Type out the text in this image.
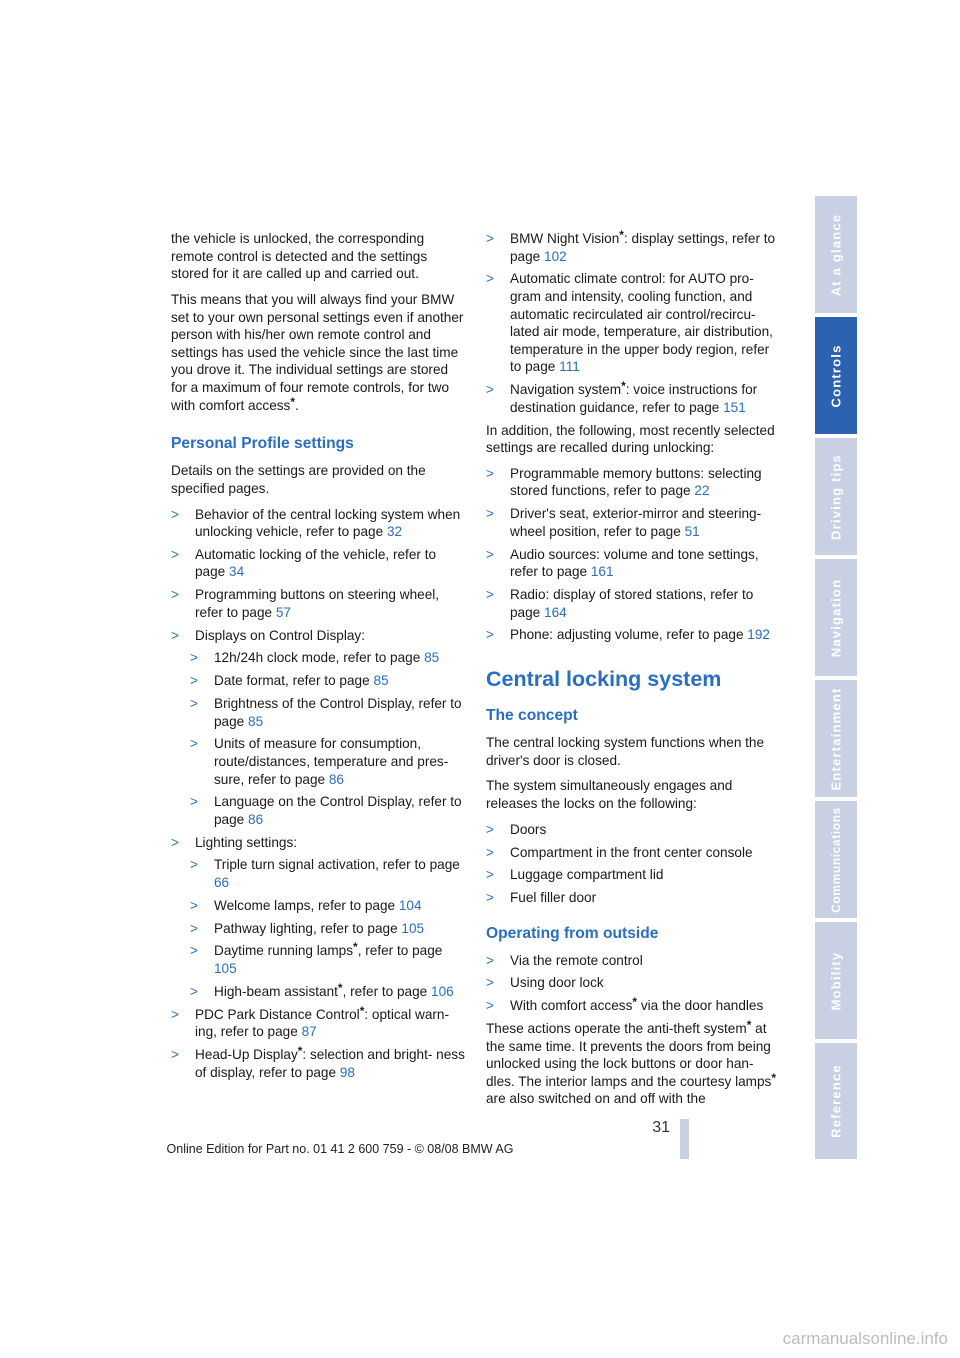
the vehicle is unlocked, the corresponding remote control is detected and the settings stored for it are called up and carried out.

This means that you will always find your BMW set to your own personal settings even if another person with his/her own remote control and settings has used the vehicle since the last time you drove it. The individual settings are stored for a maximum of four remote controls, for two with comfort access*.

Personal Profile settings

Details on the settings are provided on the specified pages.

> Behavior of the central locking system when unlocking vehicle, refer to page 32
> Automatic locking of the vehicle, refer to page 34
> Programming buttons on steering wheel, refer to page 57
> Displays on Control Display:
> 12h/24h clock mode, refer to page 85
> Date format, refer to page 85
> Brightness of the Control Display, refer to page 85
> Units of measure for consumption, route/distances, temperature and pres- sure, refer to page 86
> Language on the Control Display, refer to page 86
> Lighting settings:
> Triple turn signal activation, refer to page 66
> Welcome lamps, refer to page 104
> Pathway lighting, refer to page 105
> Daytime running lamps*, refer to page 105
> High-beam assistant*, refer to page 106
> PDC Park Distance Control*: optical warn- ing, refer to page 87
> Head-Up Display*: selection and bright- ness of display, refer to page 98
> BMW Night Vision*: display settings, refer to page 102
> Automatic climate control: for AUTO pro- gram and intensity, cooling function, and automatic recirculated air control/recircu- lated air mode, temperature, air distribution, temperature in the upper body region, refer to page 111
> Navigation system*: voice instructions for destination guidance, refer to page 151

In addition, the following, most recently selected settings are recalled during unlocking:

> Programmable memory buttons: selecting stored functions, refer to page 22
> Driver's seat, exterior-mirror and steering- wheel position, refer to page 51
> Audio sources: volume and tone settings, refer to page 161
> Radio: display of stored stations, refer to page 164
> Phone: adjusting volume, refer to page 192
Central locking system
The concept

The central locking system functions when the driver's door is closed.

The system simultaneously engages and releases the locks on the following:

> Doors
> Compartment in the front center console
> Luggage compartment lid
> Fuel filler door
Operating from outside
> Via the remote control
> Using door lock
> With comfort access* via the door handles

These actions operate the anti-theft system* at the same time. It prevents the doors from being unlocked using the lock buttons or door han- dles. The interior lamps and the courtesy lamps* are also switched on and off with the

At a glance
Controls
Driving tips
Navigation
Entertainment
Communications
Mobility
Reference
31
Online Edition for Part no. 01 41 2 600 759 - © 08/08 BMW AG
carmanualsonline.info
